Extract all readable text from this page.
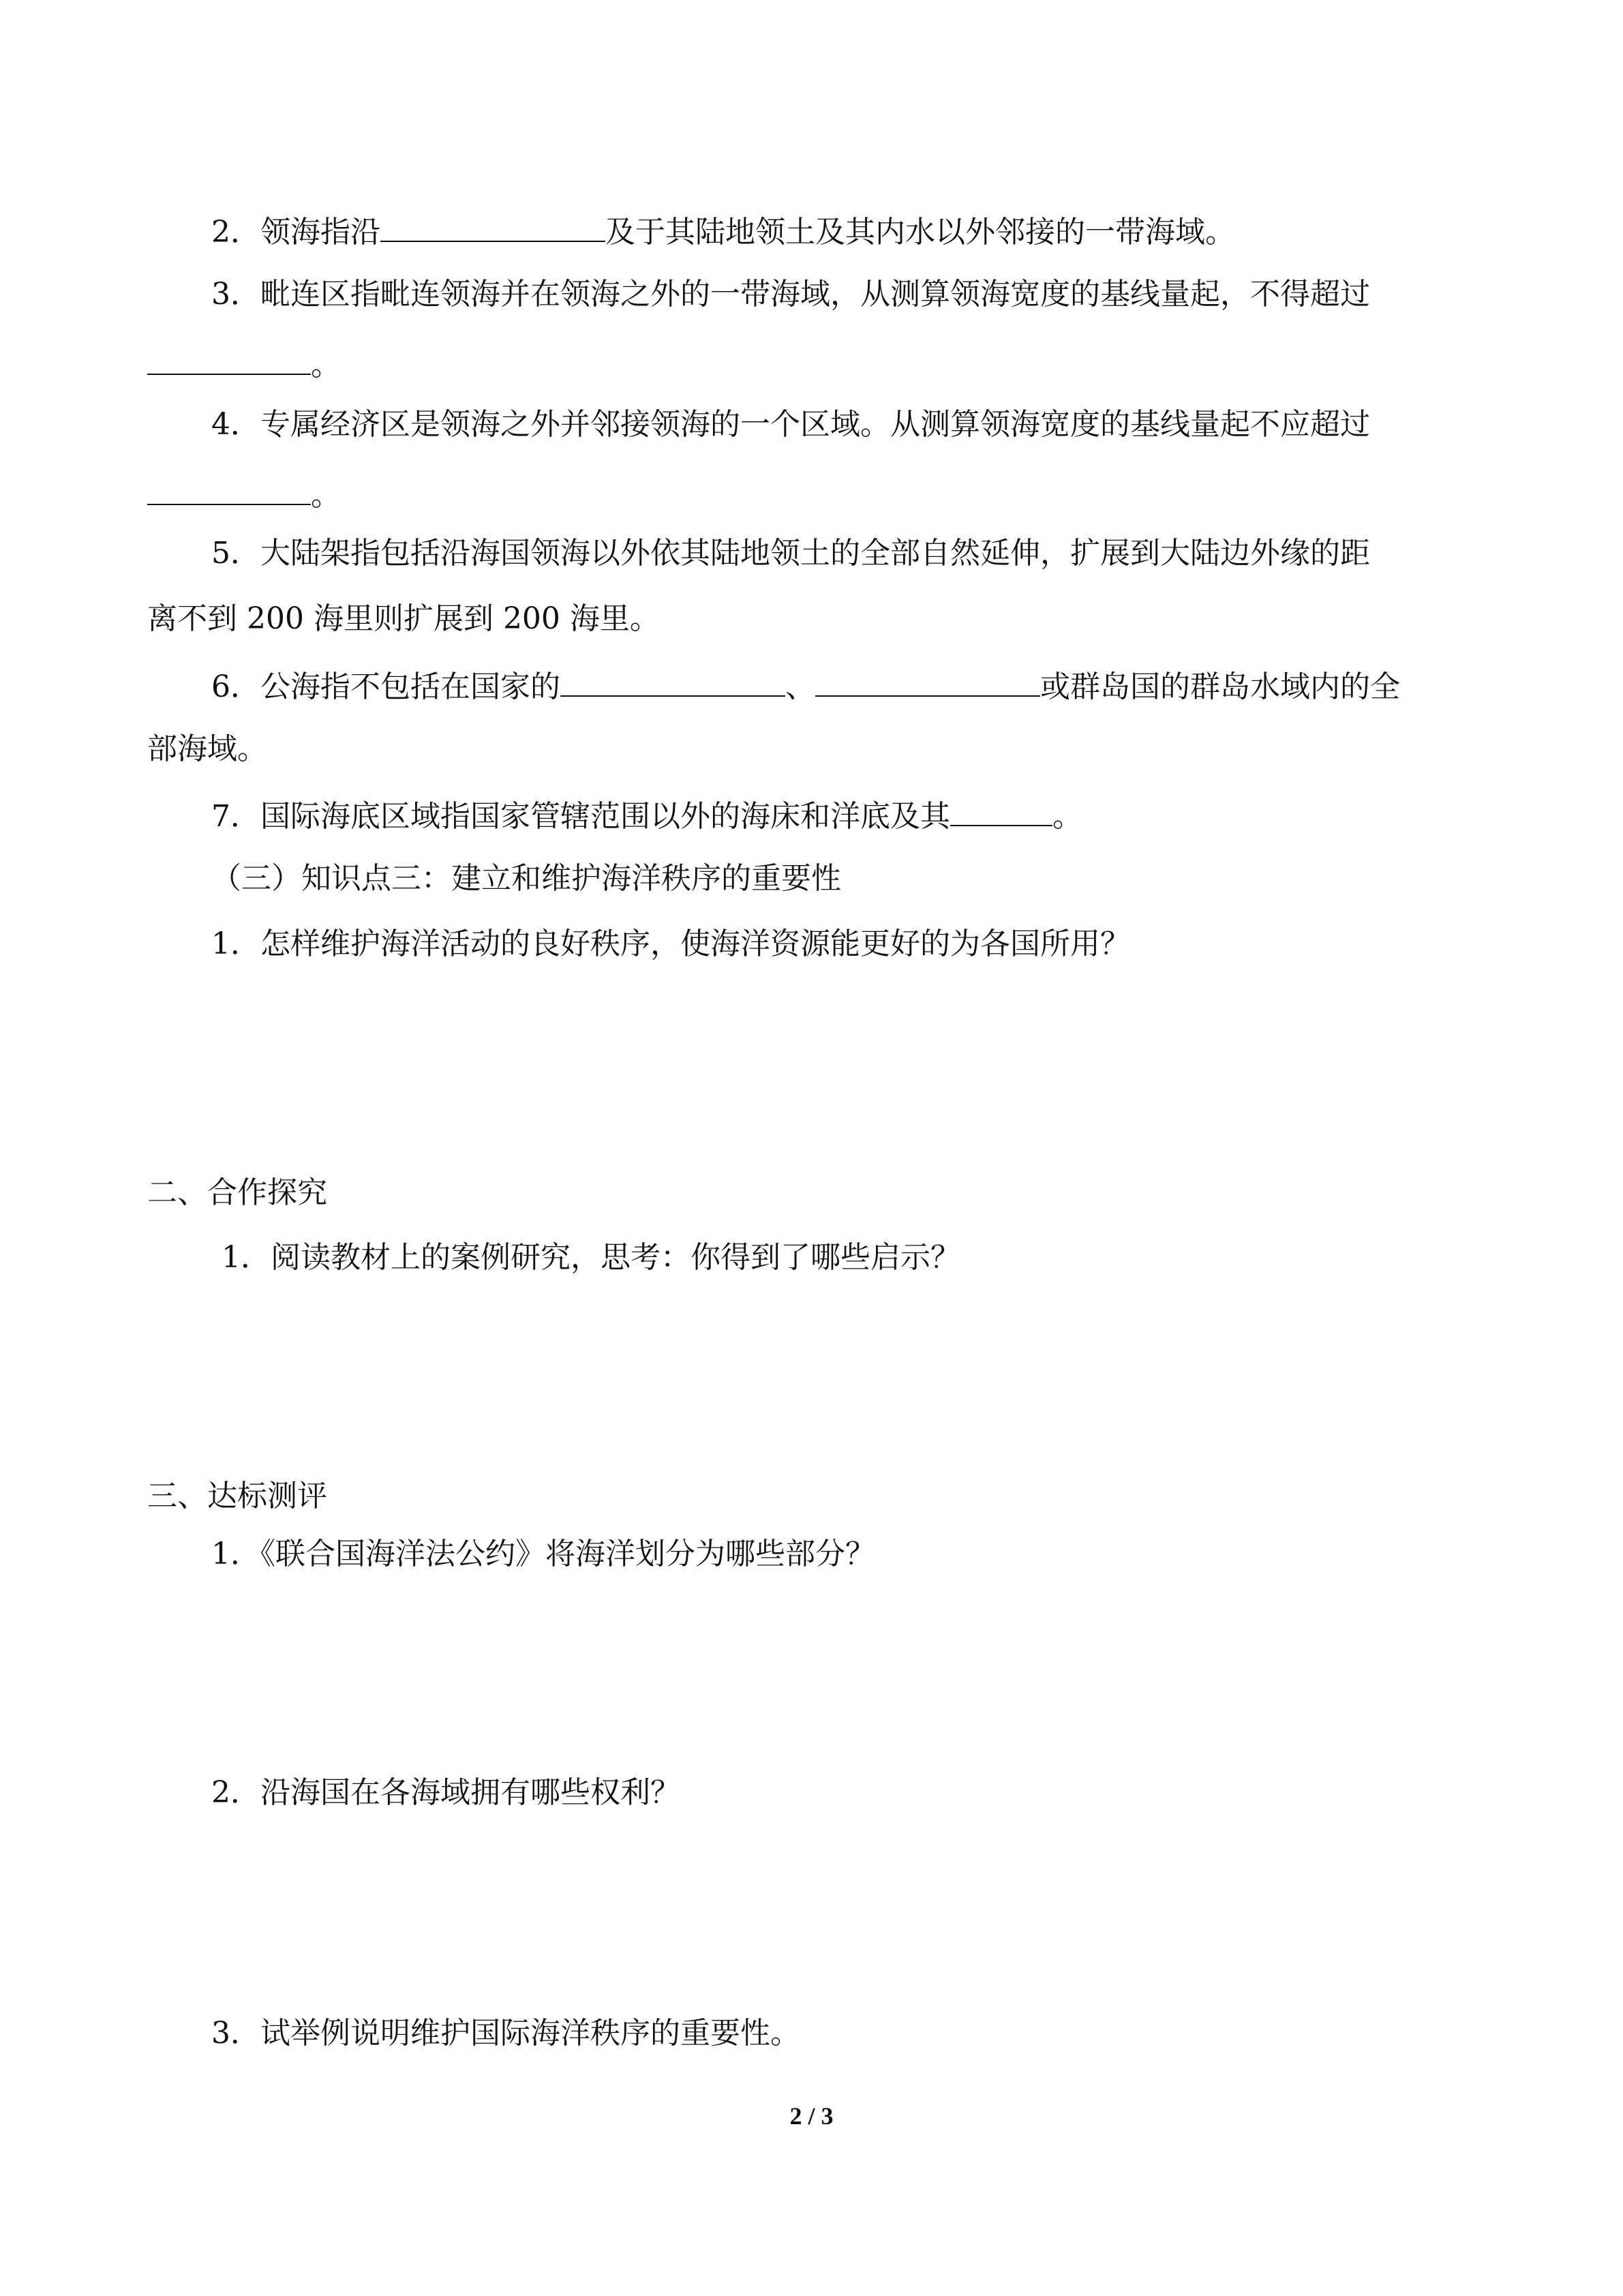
2．领海指沿	及于其陆地领土及其内水以外邻接的一带海域。
3．毗连区指毗连领海并在领海之外的一带海域，从测算领海宽度的基线量起，不得超过
。
4．专属经济区是领海之外并邻接领海的一个区域。从测算领海宽度的基线量起不应超过
。
5．大陆架指包括沿海国领海以外依其陆地领土的全部自然延伸，扩展到大陆边外缘的距
离不到 200 海里则扩展到 200 海里。
6．公海指不包括在国家的	、	或群岛国的群岛水域内的全
部海域。
7．国际海底区域指国家管辖范围以外的海床和洋底及其	。
（三）知识点三：建立和维护海洋秩序的重要性
1．怎样维护海洋活动的良好秩序，使海洋资源能更好的为各国所用？
二、合作探究
1．阅读教材上的案例研究，思考：你得到了哪些启示？
三、达标测评
1．《联合国海洋法公约》将海洋划分为哪些部分？
2．沿海国在各海域拥有哪些权利？
3．试举例说明维护国际海洋秩序的重要性。
2 / 3
